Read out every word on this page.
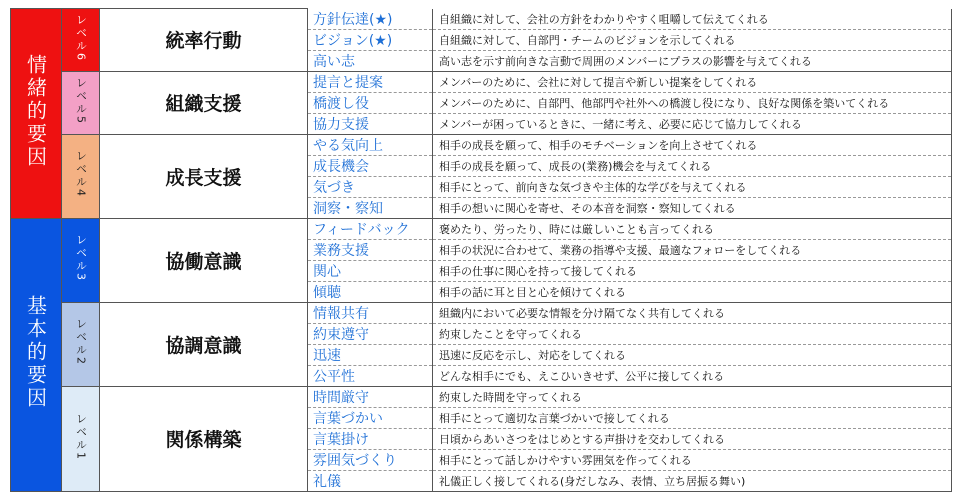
情緒的要因	レベル6	統率行動	方針伝達(★)	自組織に対して、会社の方針をわかりやすく咀嚼して伝えてくれる
			ビジョン(★)	自組織に対して、自部門・チームのビジョンを示してくれる
			高い志	高い志を示す前向きな言動で周囲のメンバーにプラスの影響を与えてくれる
	レベル5	組織支援	提言と提案	メンバーのために、会社に対して提言や新しい提案をしてくれる
			橋渡し役	メンバーのために、自部門、他部門や社外への橋渡し役になり、良好な関係を築いてくれる
			協力支援	メンバーが困っているときに、一緒に考え、必要に応じて協力してくれる
	レベル4	成長支援	やる気向上	相手の成長を願って、相手のモチベーションを向上させてくれる
			成長機会	相手の成長を願って、成長の(業務)機会を与えてくれる
			気づき	相手にとって、前向きな気づきや主体的な学びを与えてくれる
			洞察・察知	相手の想いに関心を寄せ、その本音を洞察・察知してくれる
基本的要因	レベル3	協働意識	フィードバック	褒めたり、労ったり、時には厳しいことも言ってくれる
			業務支援	相手の状況に合わせて、業務の指導や支援、最適なフォローをしてくれる
			関心	相手の仕事に関心を持って接してくれる
			傾聴	相手の話に耳と目と心を傾けてくれる
	レベル2	協調意識	情報共有	組織内において必要な情報を分け隔てなく共有してくれる
			約束遵守	約束したことを守ってくれる
			迅速	迅速に反応を示し、対応をしてくれる
			公平性	どんな相手にでも、えこひいきせず、公平に接してくれる
	レベル1	関係構築	時間厳守	約束した時間を守ってくれる
			言葉づかい	相手にとって適切な言葉づかいで接してくれる
			言葉掛け	日頃からあいさつをはじめとする声掛けを交わしてくれる
			雰囲気づくり	相手にとって話しかけやすい雰囲気を作ってくれる
			礼儀	礼儀正しく接してくれる(身だしなみ、表情、立ち居振る舞い)
